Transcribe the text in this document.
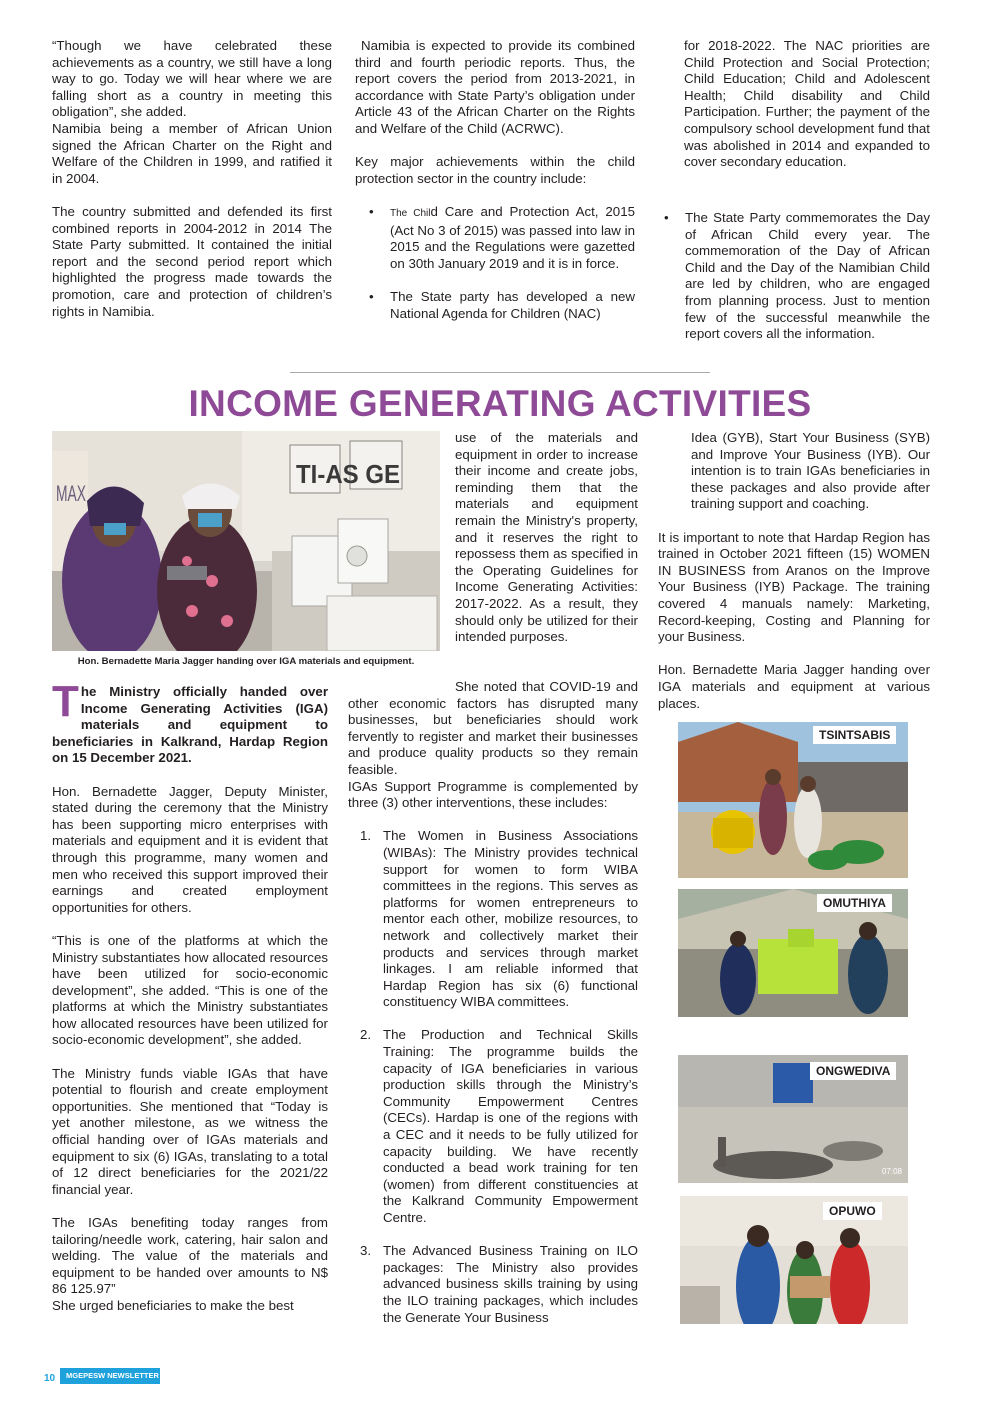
“Though we have celebrated these achievements as a country, we still have a long way to go. Today we will hear where we are falling short as a country in meeting this obligation”, she added.

Namibia being a member of African Union signed the African Charter on the Right and Welfare of the Children in 1999, and ratified it in 2004.

The country submitted and defended its first combined reports in 2004-2012 in 2014 The State Party submitted. It contained the initial report and the second period report which highlighted the progress made towards the promotion, care and protection of children’s rights in Namibia.

Namibia is expected to provide its combined third and fourth periodic reports. Thus, the report covers the period from 2013-2021, in accordance with State Party’s obligation under Article 43 of the African Charter on the Rights and Welfare of the Child (ACRWC).

Key major achievements within the child protection sector in the country include:

• The Child Care and Protection Act, 2015 (Act No 3 of 2015) was passed into law in 2015 and the Regulations were gazetted on 30th January 2019 and it is in force.
• The State party has developed a new National Agenda for Children (NAC)

for 2018-2022. The NAC priorities are Child Protection and Social Protection; Child Education; Child and Adolescent Health; Child disability and Child Participation. Further; the payment of the compulsory school development fund that was abolished in 2014 and expanded to cover secondary education.

• The State Party commemorates the Day of African Child every year. The commemoration of the Day of African Child and the Day of the Namibian Child are led by children, who are engaged from planning process. Just to mention few of the successful meanwhile the report covers all the information.
INCOME GENERATING ACTIVITIES
TI-AS GE
MAX
Hon. Bernadette Maria Jagger handing over IGA materials and equipment.

The Ministry officially handed over Income Generating Activities (IGA) materials and equipment to beneficiaries in Kalkrand, Hardap Region on 15 December 2021.

Hon. Bernadette Jagger, Deputy Minister, stated during the ceremony that the Ministry has been supporting micro enterprises with materials and equipment and it is evident that through this programme, many women and men who received this support improved their earnings and created employment opportunities for others.

“This is one of the platforms at which the Ministry substantiates how allocated resources have been utilized for socio-economic development”, she added. “This is one of the platforms at which the Ministry substantiates how allocated resources have been utilized for socio-economic development”, she added.

The Ministry funds viable IGAs that have potential to flourish and create employment opportunities. She mentioned that “Today is yet another milestone, as we witness the official handing over of IGAs materials and equipment to six (6) IGAs, translating to a total of 12 direct beneficiaries for the 2021/22 financial year.

The IGAs benefiting today ranges from tailoring/needle work, catering, hair salon and welding. The value of the materials and equipment to be handed over amounts to N$ 86 125.97”

She urged beneficiaries to make the best

use of the materials and equipment in order to increase their income and create jobs, reminding them that the materials and equipment remain the Ministry's property, and it reserves the right to repossess them as specified in the Operating Guidelines for Income Generating Activities: 2017-2022. As a result, they should only be utilized for their intended purposes.

She noted that COVID-19 and other economic factors has disrupted many businesses, but beneficiaries should work fervently to register and market their businesses and produce quality products so they remain feasible.

IGAs Support Programme is complemented by three (3) other interventions, these includes:

1. The Women in Business Associations (WIBAs): The Ministry provides technical support for women to form WIBA committees in the regions. This serves as platforms for women entrepreneurs to mentor each other, mobilize resources, to network and collectively market their products and services through market linkages. I am reliable informed that Hardap Region has six (6) functional constituency WIBA committees.
2. The Production and Technical Skills Training: The programme builds the capacity of IGA beneficiaries in various production skills through the Ministry’s Community Empowerment Centres (CECs). Hardap is one of the regions with a CEC and it needs to be fully utilized for capacity building. We have recently conducted a bead work training for ten (women) from different constituencies at the Kalkrand Community Empowerment Centre.
3. The Advanced Business Training on ILO packages: The Ministry also provides advanced business skills training by using the ILO training packages, which includes the Generate Your Business

Idea (GYB), Start Your Business (SYB) and Improve Your Business (IYB). Our intention is to train IGAs beneficiaries in these packages and also provide after training support and coaching.

It is important to note that Hardap Region has trained in October 2021 fifteen (15) WOMEN IN BUSINESS from Aranos on the Improve Your Business (IYB) Package. The training covered 4 manuals namely: Marketing, Record-keeping, Costing and Planning for your Business.

Hon. Bernadette Maria Jagger handing over IGA materials and equipment at various places.

TSINTSABIS
OMUTHIYA
07:08
ONGWEDIVA
OPUWO
10	MGEPESW NEWSLETTER
